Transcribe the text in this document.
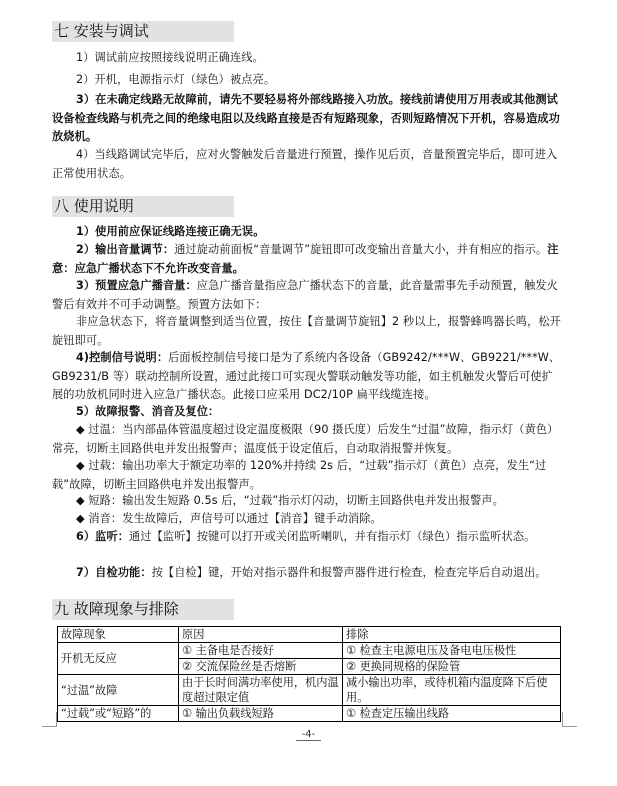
七 安装与调试
1）调试前应按照接线说明正确连线。
2）开机，电源指示灯（绿色）被点亮。
3）在未确定线路无故障前，请先不要轻易将外部线路接入功放。接线前请使用万用表或其他测试设备检查线路与机壳之间的绝缘电阻以及线路直接是否有短路现象，否则短路情况下开机，容易造成功放烧机。
4）当线路调试完毕后，应对火警触发后音量进行预置，操作见后页，音量预置完毕后，即可进入正常使用状态。
八 使用说明
1）使用前应保证线路连接正确无误。
2）输出音量调节：通过旋动前面板“音量调节”旋钮即可改变输出音量大小，并有相应的指示。注意：应急广播状态下不允许改变音量。
3）预置应急广播音量：应急广播音量指应急广播状态下的音量，此音量需事先手动预置，触发火警后有效并不可手动调整。预置方法如下：
非应急状态下，将音量调整到适当位置，按住【音量调节旋钮】2 秒以上，报警蜂鸣器长鸣，松开旋钮即可。
4)控制信号说明：后面板控制信号接口是为了系统内各设备（GB9242/***W、GB9221/***W、GB9231/B 等）联动控制所设置，通过此接口可实现火警联动触发等功能，如主机触发火警后可使扩展的功放机同时进入应急广播状态。此接口应采用 DC2/10P 扁平线缆连接。
5）故障报警、消音及复位：
◆ 过温：当内部晶体管温度超过设定温度极限（90 摄氏度）后发生“过温”故障，指示灯（黄色）常亮，切断主回路供电并发出报警声；温度低于设定值后，自动取消报警并恢复。
◆ 过载：输出功率大于额定功率的 120%并持续 2s 后，“过载”指示灯（黄色）点亮，发生“过载”故障，切断主回路供电并发出报警声。
◆ 短路：输出发生短路 0.5s 后，“过载”指示灯闪动，切断主回路供电并发出报警声。
◆ 消音：发生故障后，声信号可以通过【消音】键手动消除。
6）监听：通过【监听】按键可以打开或关闭监听喇叭，并有指示灯（绿色）指示监听状态。
7）自检功能：按【自检】键，开始对指示器件和报警声器件进行检查，检查完毕后自动退出。
九 故障现象与排除
故障现象	原因	排除
开机无反应	① 主备电是否接好	① 检查主电源电压及备电电压极性
	② 交流保险丝是否熔断	② 更换同规格的保险管
“过温”故障	由于长时间满功率使用，机内温度超过限定值	减小输出功率，或待机箱内温度降下后使用。
“过载”或“短路”的	① 输出负载线短路	① 检查定压输出线路
-4-
